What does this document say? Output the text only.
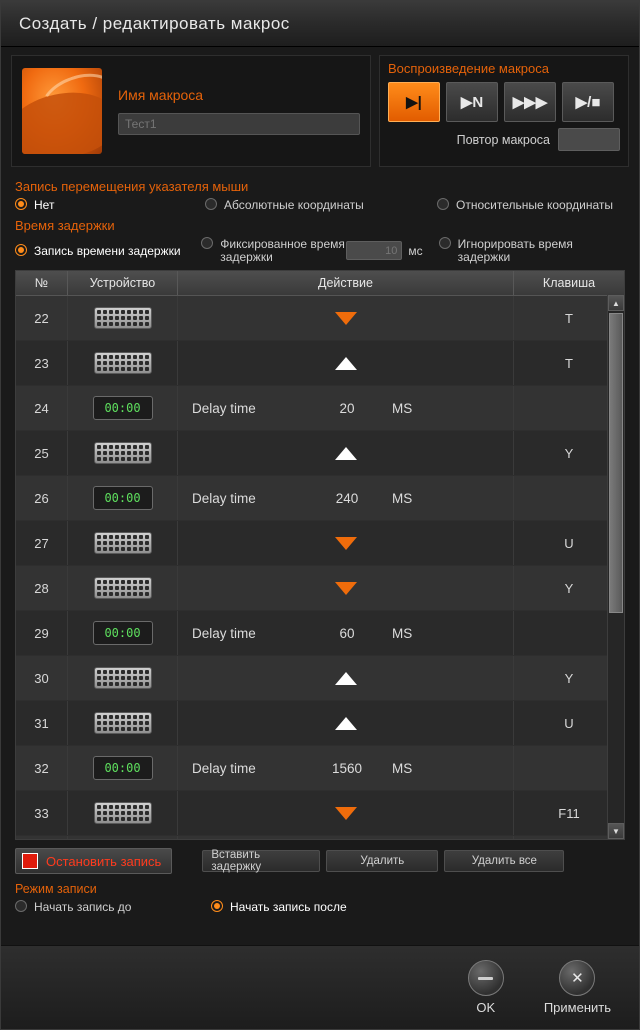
Создать / редактировать макрос
Имя макроса
Тест1
Воспроизведение макроса
▶|	▶N	▶▶▶	▶/■
Повтор макроса
Запись перемещения указателя мыши
Нет	Абсолютные координаты	Относительные координаты
Время задержки
Запись времени задержки	Фиксированное время задержки
10	мс	Игнорировать время задержки
№	Устройство	Действие	Клавиша
22	T
23	T
24	00:00	Delay time	20	MS
25	Y
26	00:00	Delay time	240	MS
27	U
28	Y
29	00:00	Delay time	60	MS
30	Y
31	U
32	00:00	Delay time	1560	MS
33	F11
▲
▼
Остановить запись	Вставить задержку	Удалить	Удалить все
Режим записи
Начать запись до	Начать запись после
OK
✕
Применить
